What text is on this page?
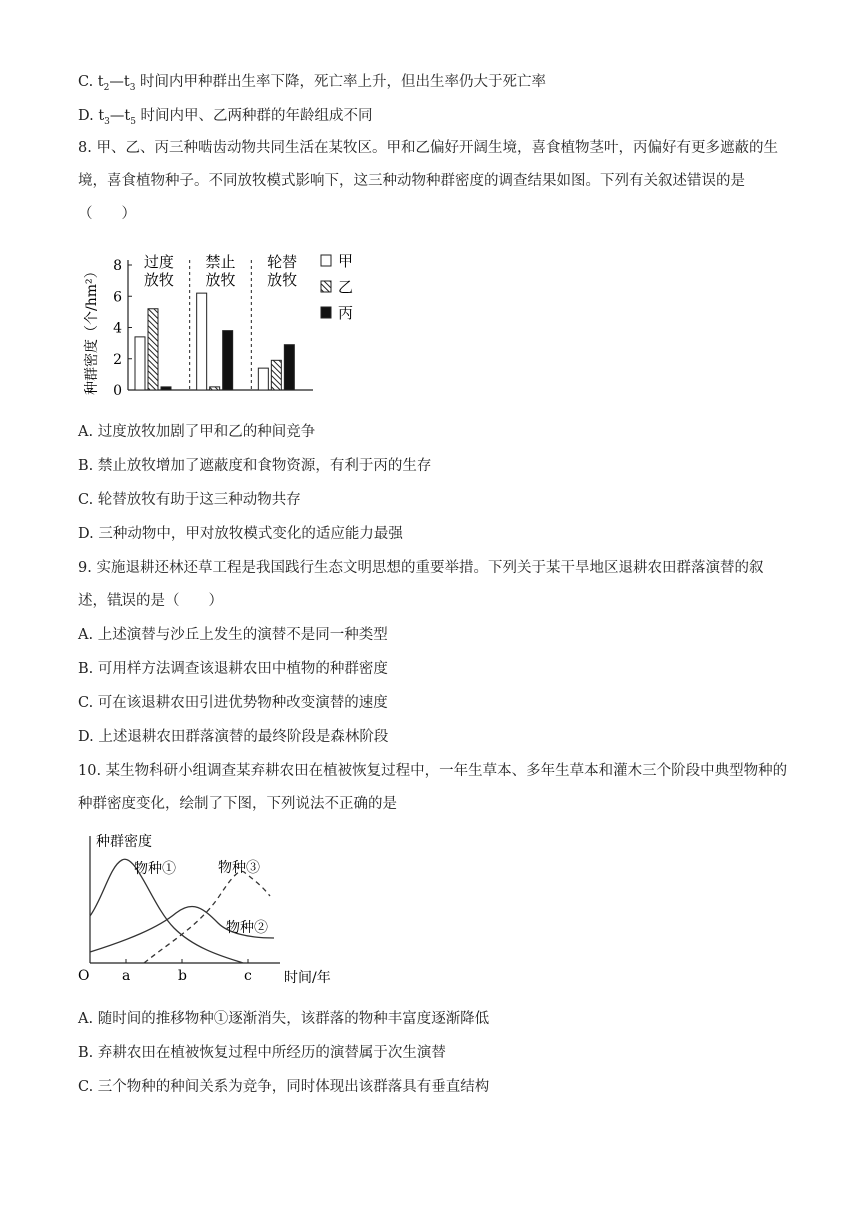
C. $t_2—t_3$ 时间内甲种群出生率下降，死亡率上升，但出生率仍大于死亡率
D. $t_3—t_5$ 时间内甲、乙两种群的年龄组成不同
8. 甲、乙、丙三种啮齿动物共同生活在某牧区。甲和乙偏好开阔生境，喜食植物茎叶，丙偏好有更多遮蔽的生境，喜食植物种子。不同放牧模式影响下，这三种动物种群密度的调查结果如图。下列有关叙述错误的是（　　）
种群密度（个/hm²） 0
2
4
6
8 过度
放牧
禁止
放牧
轮替
放牧
甲
乙
丙
A. 过度放牧加剧了甲和乙的种间竞争
B. 禁止放牧增加了遮蔽度和食物资源，有利于丙的生存
C. 轮替放牧有助于这三种动物共存
D. 三种动物中，甲对放牧模式变化的适应能力最强
9. 实施退耕还林还草工程是我国践行生态文明思想的重要举措。下列关于某干旱地区退耕农田群落演替的叙述，错误的是（　　）
A. 上述演替与沙丘上发生的演替不是同一种类型
B. 可用样方法调查该退耕农田中植物的种群密度
C. 可在该退耕农田引进优势物种改变演替的速度
D. 上述退耕农田群落演替的最终阶段是森林阶段
10. 某生物科研小组调查某弃耕农田在植被恢复过程中，一年生草本、多年生草本和灌木三个阶段中典型物种的种群密度变化，绘制了下图，下列说法不正确的是
种群密度
时间/年
O a	b	c
物种①
物种②
物种③
A. 随时间的推移物种①逐渐消失，该群落的物种丰富度逐渐降低
B. 弃耕农田在植被恢复过程中所经历的演替属于次生演替
C. 三个物种的种间关系为竞争，同时体现出该群落具有垂直结构
